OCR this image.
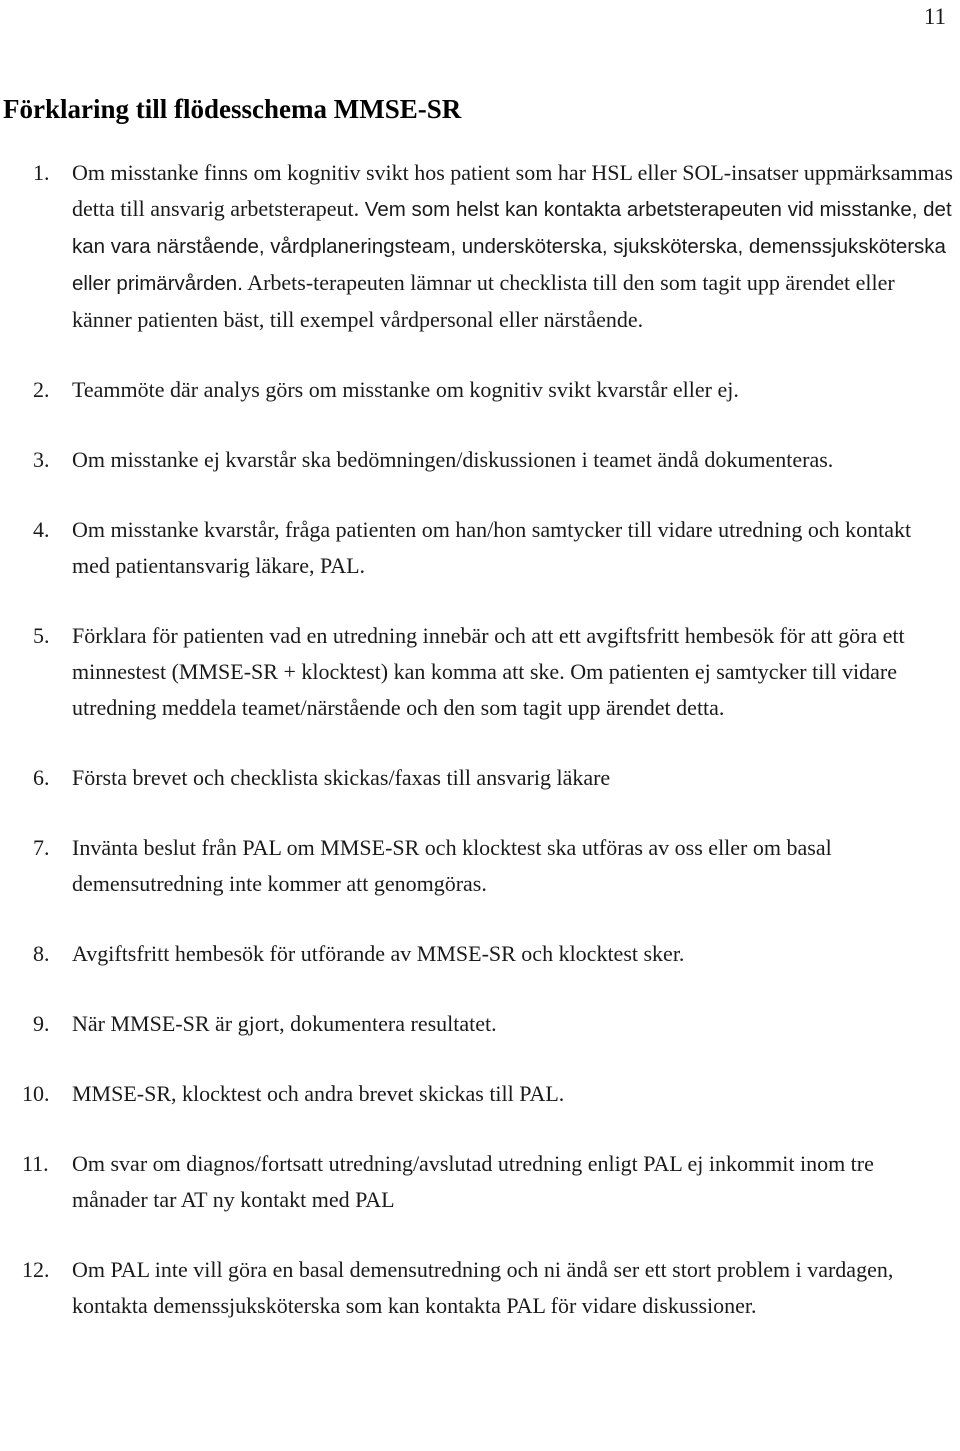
11
Förklaring till flödesschema MMSE-SR
1. Om misstanke finns om kognitiv svikt hos patient som har HSL eller SOL-insatser uppmärksammas detta till ansvarig arbetsterapeut. Vem som helst kan kontakta arbetsterapeuten vid misstanke, det kan vara närstående, vårdplaneringsteam, undersköterska, sjuksköterska, demenssjuksköterska eller primärvården. Arbets-terapeuten lämnar ut checklista till den som tagit upp ärendet eller känner patienten bäst, till exempel vårdpersonal eller närstående.
2. Teammöte där analys görs om misstanke om kognitiv svikt kvarstår eller ej.
3. Om misstanke ej kvarstår ska bedömningen/diskussionen i teamet ändå dokumenteras.
4. Om misstanke kvarstår, fråga patienten om han/hon samtycker till vidare utredning och kontakt med patientansvarig läkare, PAL.
5. Förklara för patienten vad en utredning innebär och att ett avgiftsfritt hembesök för att göra ett minnestest (MMSE-SR + klocktest) kan komma att ske. Om patienten ej samtycker till vidare utredning meddela teamet/närstående och den som tagit upp ärendet detta.
6. Första brevet och checklista skickas/faxas till ansvarig läkare
7. Invänta beslut från PAL om MMSE-SR och klocktest ska utföras av oss eller om basal demensutredning inte kommer att genomgöras.
8. Avgiftsfritt hembesök för utförande av MMSE-SR och klocktest sker.
9. När MMSE-SR är gjort, dokumentera resultatet.
10. MMSE-SR, klocktest och andra brevet skickas till PAL.
11. Om svar om diagnos/fortsatt utredning/avslutad utredning enligt PAL ej inkommit inom tre månader tar AT ny kontakt med PAL
12. Om PAL inte vill göra en basal demensutredning och ni ändå ser ett stort problem i vardagen, kontakta demenssjuksköterska som kan kontakta PAL för vidare diskussioner.
